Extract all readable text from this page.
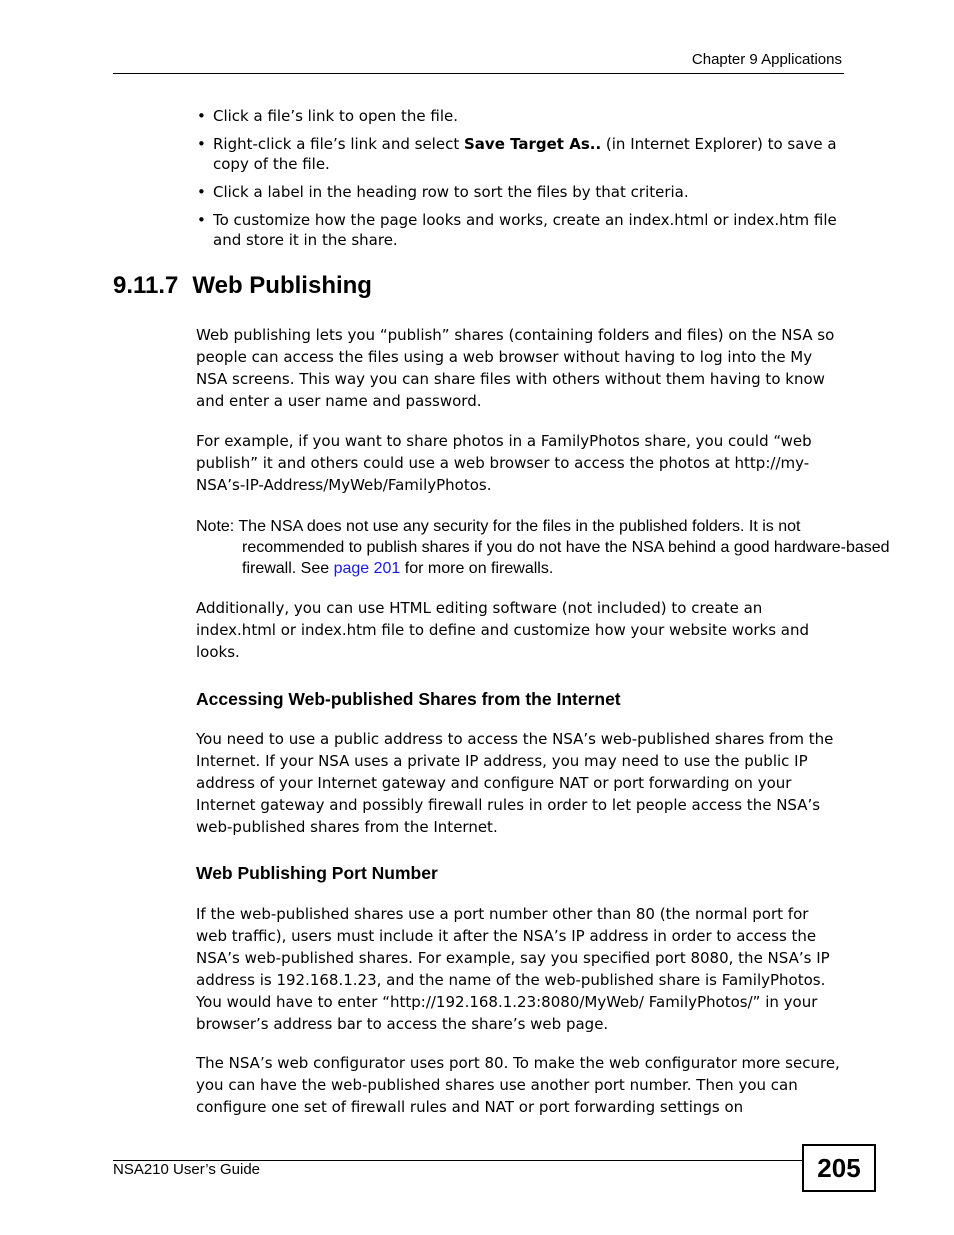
Chapter 9 Applications
• Click a file’s link to open the file.
• Right-click a file’s link and select Save Target As.. (in Internet Explorer) to save a copy of the file.
• Click a label in the heading row to sort the files by that criteria.
• To customize how the page looks and works, create an index.html or index.htm file and store it in the share.
9.11.7 Web Publishing

Web publishing lets you “publish” shares (containing folders and files) on the NSA so people can access the files using a web browser without having to log into the My NSA screens. This way you can share files with others without them having to know and enter a user name and password.

For example, if you want to share photos in a FamilyPhotos share, you could “web publish” it and others could use a web browser to access the photos at http://my-NSA’s-IP-Address/MyWeb/FamilyPhotos.

Note: The NSA does not use any security for the files in the published folders. It is not recommended to publish shares if you do not have the NSA behind a good hardware-based firewall. See page 201 for more on firewalls.

Additionally, you can use HTML editing software (not included) to create an index.html or index.htm file to define and customize how your website works and looks.

Accessing Web-published Shares from the Internet

You need to use a public address to access the NSA’s web-published shares from the Internet. If your NSA uses a private IP address, you may need to use the public IP address of your Internet gateway and configure NAT or port forwarding on your Internet gateway and possibly firewall rules in order to let people access the NSA’s web-published shares from the Internet.

Web Publishing Port Number

If the web-published shares use a port number other than 80 (the normal port for web traffic), users must include it after the NSA’s IP address in order to access the NSA’s web-published shares. For example, say you specified port 8080, the NSA’s IP address is 192.168.1.23, and the name of the web-published share is FamilyPhotos. You would have to enter “http://192.168.1.23:8080/MyWeb/ FamilyPhotos/” in your browser’s address bar to access the share’s web page.

The NSA’s web configurator uses port 80. To make the web configurator more secure, you can have the web-published shares use another port number. Then you can configure one set of firewall rules and NAT or port forwarding settings on

NSA210 User’s Guide	205
